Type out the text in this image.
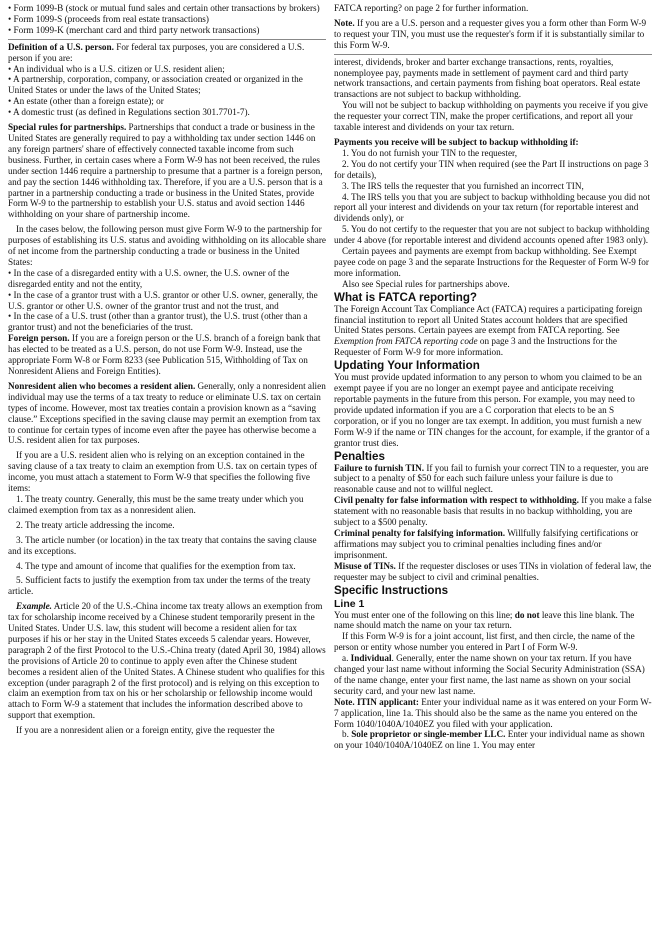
• Form 1099-B (stock or mutual fund sales and certain other transactions by brokers)

• Form 1099-S (proceeds from real estate transactions)

• Form 1099-K (merchant card and third party network transactions)

Definition of a U.S. person. For federal tax purposes, you are considered a U.S. person if you are:

• An individual who is a U.S. citizen or U.S. resident alien;

• A partnership, corporation, company, or association created or organized in the United States or under the laws of the United States;

• An estate (other than a foreign estate); or

• A domestic trust (as defined in Regulations section 301.7701-7).

Special rules for partnerships. Partnerships that conduct a trade or business in the United States are generally required to pay a withholding tax under section 1446 on any foreign partners' share of effectively connected taxable income from such business. Further, in certain cases where a Form W-9 has not been received, the rules under section 1446 require a partnership to presume that a partner is a foreign person, and pay the section 1446 withholding tax. Therefore, if you are a U.S. person that is a partner in a partnership conducting a trade or business in the United States, provide Form W-9 to the partnership to establish your U.S. status and avoid section 1446 withholding on your share of partnership income.

In the cases below, the following person must give Form W-9 to the partnership for purposes of establishing its U.S. status and avoiding withholding on its allocable share of net income from the partnership conducting a trade or business in the United States:

• In the case of a disregarded entity with a U.S. owner, the U.S. owner of the disregarded entity and not the entity,

• In the case of a grantor trust with a U.S. grantor or other U.S. owner, generally, the U.S. grantor or other U.S. owner of the grantor trust and not the trust, and

• In the case of a U.S. trust (other than a grantor trust), the U.S. trust (other than a grantor trust) and not the beneficiaries of the trust.

Foreign person. If you are a foreign person or the U.S. branch of a foreign bank that has elected to be treated as a U.S. person, do not use Form W-9. Instead, use the appropriate Form W-8 or Form 8233 (see Publication 515, Withholding of Tax on Nonresident Aliens and Foreign Entities).

Nonresident alien who becomes a resident alien. Generally, only a nonresident alien individual may use the terms of a tax treaty to reduce or eliminate U.S. tax on certain types of income. However, most tax treaties contain a provision known as a “saving clause.” Exceptions specified in the saving clause may permit an exemption from tax to continue for certain types of income even after the payee has otherwise become a U.S. resident alien for tax purposes.

If you are a U.S. resident alien who is relying on an exception contained in the saving clause of a tax treaty to claim an exemption from U.S. tax on certain types of income, you must attach a statement to Form W-9 that specifies the following five items:

1. The treaty country. Generally, this must be the same treaty under which you claimed exemption from tax as a nonresident alien.

2. The treaty article addressing the income.

3. The article number (or location) in the tax treaty that contains the saving clause and its exceptions.

4. The type and amount of income that qualifies for the exemption from tax.

5. Sufficient facts to justify the exemption from tax under the terms of the treaty article.

Example. Article 20 of the U.S.-China income tax treaty allows an exemption from tax for scholarship income received by a Chinese student temporarily present in the United States. Under U.S. law, this student will become a resident alien for tax purposes if his or her stay in the United States exceeds 5 calendar years. However, paragraph 2 of the first Protocol to the U.S.-China treaty (dated April 30, 1984) allows the provisions of Article 20 to continue to apply even after the Chinese student becomes a resident alien of the United States. A Chinese student who qualifies for this exception (under paragraph 2 of the first protocol) and is relying on this exception to claim an exemption from tax on his or her scholarship or fellowship income would attach to Form W-9 a statement that includes the information described above to support that exemption.

If you are a nonresident alien or a foreign entity, give the requester the

FATCA reporting? on page 2 for further information.

Note. If you are a U.S. person and a requester gives you a form other than Form W-9 to request your TIN, you must use the requester's form if it is substantially similar to this Form W-9.

interest, dividends, broker and barter exchange transactions, rents, royalties, nonemployee pay, payments made in settlement of payment card and third party network transactions, and certain payments from fishing boat operators. Real estate transactions are not subject to backup withholding.

You will not be subject to backup withholding on payments you receive if you give the requester your correct TIN, make the proper certifications, and report all your taxable interest and dividends on your tax return.

Payments you receive will be subject to backup withholding if:

1. You do not furnish your TIN to the requester,

2. You do not certify your TIN when required (see the Part II instructions on page 3 for details),

3. The IRS tells the requester that you furnished an incorrect TIN,

4. The IRS tells you that you are subject to backup withholding because you did not report all your interest and dividends on your tax return (for reportable interest and dividends only), or

5. You do not certify to the requester that you are not subject to backup withholding under 4 above (for reportable interest and dividend accounts opened after 1983 only).

Certain payees and payments are exempt from backup withholding. See Exempt payee code on page 3 and the separate Instructions for the Requester of Form W-9 for more information.

Also see Special rules for partnerships above.

What is FATCA reporting?

The Foreign Account Tax Compliance Act (FATCA) requires a participating foreign financial institution to report all United States account holders that are specified United States persons. Certain payees are exempt from FATCA reporting. See Exemption from FATCA reporting code on page 3 and the Instructions for the Requester of Form W-9 for more information.

Updating Your Information

You must provide updated information to any person to whom you claimed to be an exempt payee if you are no longer an exempt payee and anticipate receiving reportable payments in the future from this person. For example, you may need to provide updated information if you are a C corporation that elects to be an S corporation, or if you no longer are tax exempt. In addition, you must furnish a new Form W-9 if the name or TIN changes for the account, for example, if the grantor of a grantor trust dies.

Penalties

Failure to furnish TIN. If you fail to furnish your correct TIN to a requester, you are subject to a penalty of $50 for each such failure unless your failure is due to reasonable cause and not to willful neglect.

Civil penalty for false information with respect to withholding. If you make a false statement with no reasonable basis that results in no backup withholding, you are subject to a $500 penalty.

Criminal penalty for falsifying information. Willfully falsifying certifications or affirmations may subject you to criminal penalties including fines and/or imprisonment.

Misuse of TINs. If the requester discloses or uses TINs in violation of federal law, the requester may be subject to civil and criminal penalties.

Specific Instructions

Line 1

You must enter one of the following on this line; do not leave this line blank. The name should match the name on your tax return.

If this Form W-9 is for a joint account, list first, and then circle, the name of the person or entity whose number you entered in Part I of Form W-9.

a. Individual. Generally, enter the name shown on your tax return. If you have changed your last name without informing the Social Security Administration (SSA) of the name change, enter your first name, the last name as shown on your social security card, and your new last name.

Note. ITIN applicant: Enter your individual name as it was entered on your Form W-7 application, line 1a. This should also be the same as the name you entered on the Form 1040/1040A/1040EZ you filed with your application.

b. Sole proprietor or single-member LLC. Enter your individual name as shown on your 1040/1040A/1040EZ on line 1. You may enter
